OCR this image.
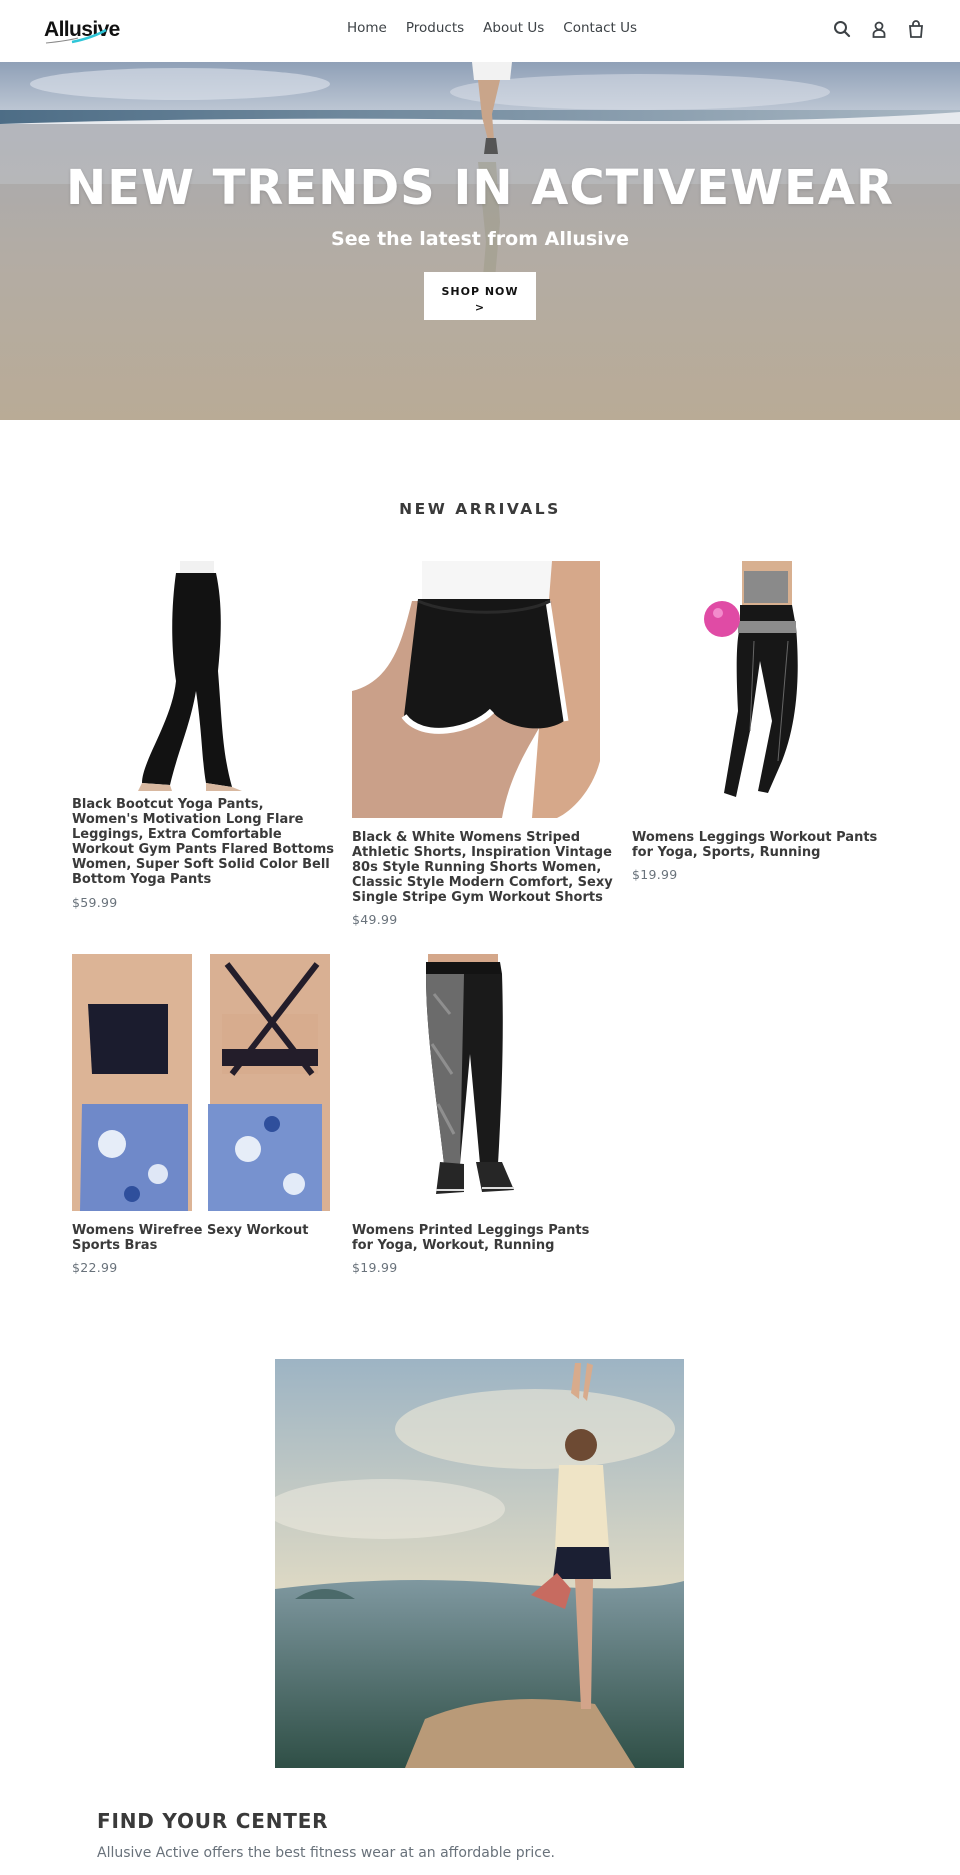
Allusive	Home Products About Us Contact Us
NEW TRENDS IN ACTIVEWEAR

See the latest from Allusive

SHOP NOW
>
NEW ARRIVALS
Black Bootcut Yoga Pants, Women's Motivation Long Flare Leggings, Extra Comfortable Workout Gym Pants Flared Bottoms Women, Super Soft Solid Color Bell Bottom Yoga Pants
$59.99
Black & White Womens Striped Athletic Shorts, Inspiration Vintage 80s Style Running Shorts Women, Classic Style Modern Comfort, Sexy Single Stripe Gym Workout Shorts
$49.99
Womens Leggings Workout Pants for Yoga, Sports, Running
$19.99
Womens Wirefree Sexy Workout Sports Bras
$22.99
Womens Printed Leggings Pants for Yoga, Workout, Running
$19.99
FIND YOUR CENTER

Allusive Active offers the best fitness wear at an affordable price.
